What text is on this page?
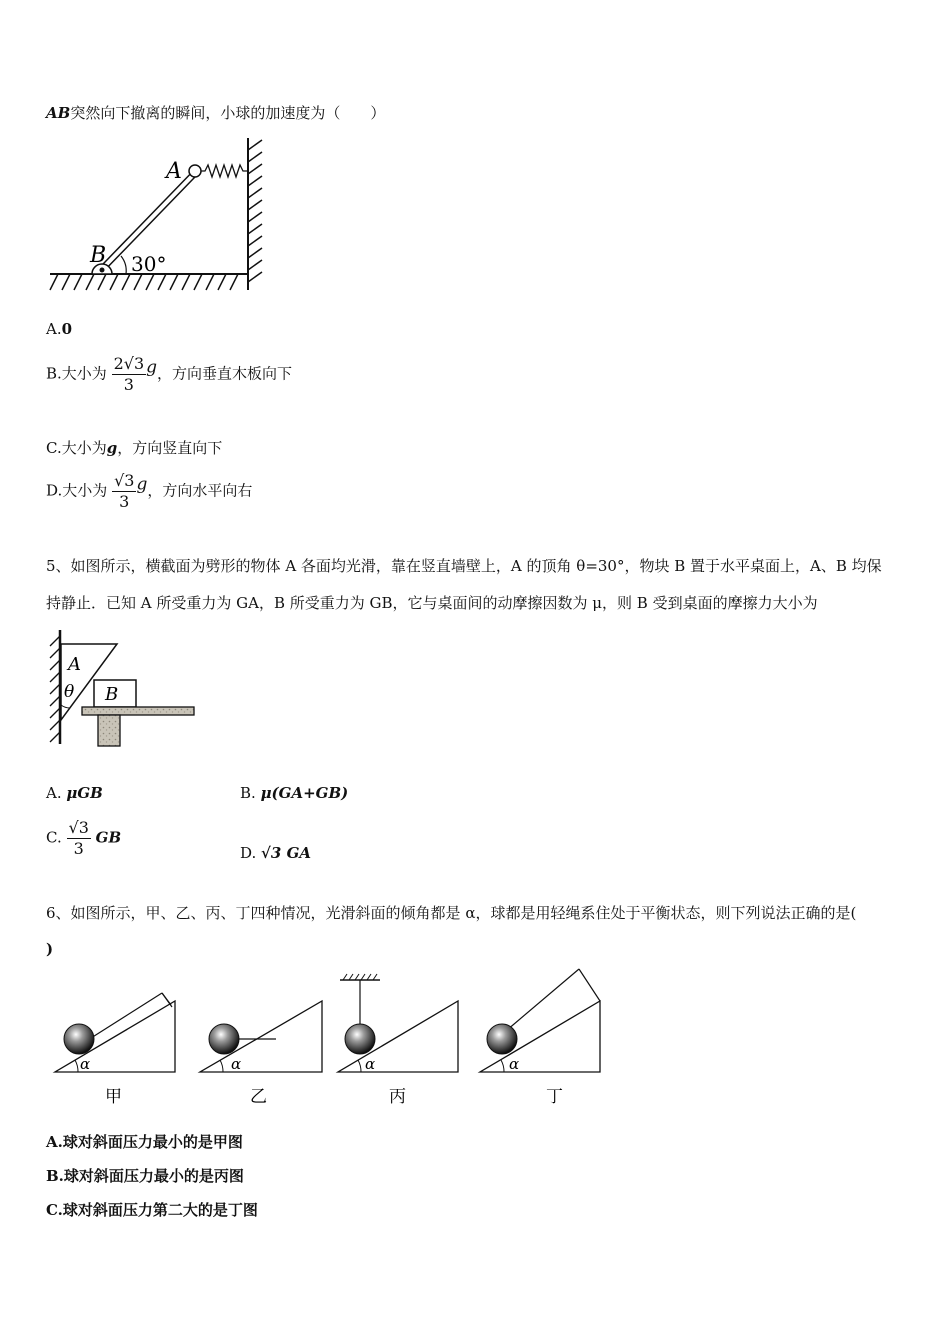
AB突然向下撤离的瞬间，小球的加速度为（　　）
A
B 30°
A.0
B.大小为 $\frac{2√3}{3}$ g，方向垂直木板向下
C.大小为g，方向竖直向下
D.大小为 $\frac{√3}{3}$ g，方向水平向右
5、如图所示，横截面为劈形的物体 A 各面均光滑，靠在竖直墙壁上，A 的顶角 θ=30°，物块 B 置于水平桌面上，A、B 均保
持静止．已知 A 所受重力为 GA，B 所受重力为 GB，它与桌面间的动摩擦因数为 μ，则 B 受到桌面的摩擦力大小为
A
B
θ
A. μGB	B. μ(GA+GB)
C. $\frac{√3}{3}$ GB
D. √3 GA
6、如图所示，甲、乙、丙、丁四种情况，光滑斜面的倾角都是 α，球都是用轻绳系住处于平衡状态，则下列说法正确的是(
)
α	α	α	α
甲	乙	丙	丁
A.球对斜面压力最小的是甲图
B.球对斜面压力最小的是丙图
C.球对斜面压力第二大的是丁图
